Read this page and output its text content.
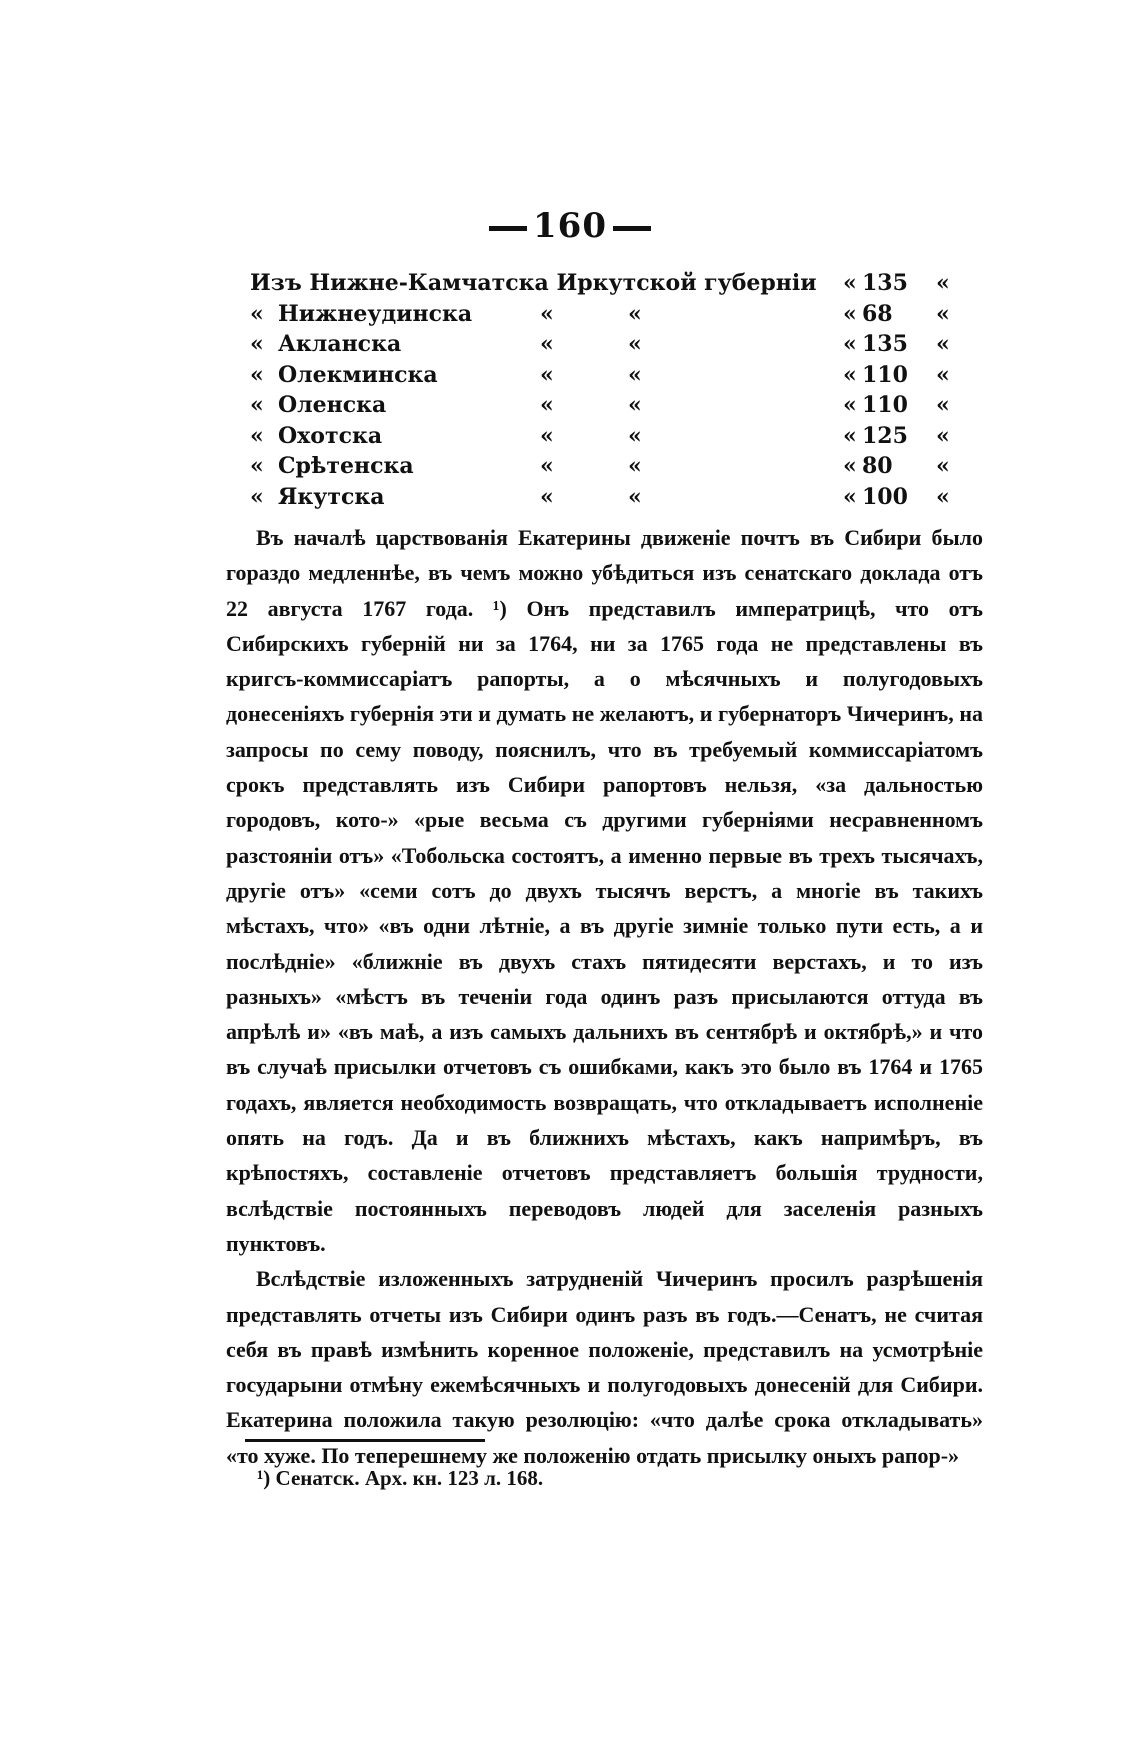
160
Изъ Нижне-Камчатска Иркутской губерніи « 135	«
« Нижнеудинска	«	«	« 68	«
« Акланска	«	«	« 135	«
« Олекминска	«	«	« 110	«
« Оленска	«	«	« 110	«
« Охотска	«	«	« 125	«
« Срѣтенска	«	«	« 80	«
« Якутска	«	«	« 100	«

Въ началѣ царствованія Екатерины движеніе почтъ въ Сибири было гораздо медленнѣе, въ чемъ можно убѣдиться изъ сенатскаго доклада отъ 22 августа 1767 года. ¹) Онъ представилъ императрицѣ, что отъ Сибирскихъ губерній ни за 1764, ни за 1765 года не представлены въ кригсъ-коммиссаріатъ рапорты, а о мѣсячныхъ и полугодовыхъ донесеніяхъ губернія эти и думать не желаютъ, и губернаторъ Чичеринъ, на запросы по сему поводу, пояснилъ, что въ требуемый коммиссаріатомъ срокъ представлять изъ Сибири рапортовъ нельзя, «за дальностью городовъ, кото-» «рые весьма съ другими губерніями несравненномъ разстояніи отъ» «Тобольска состоятъ, а именно первые въ трехъ тысячахъ, другіе отъ» «семи сотъ до двухъ тысячъ верстъ, а многіе въ такихъ мѣстахъ, что» «въ одни лѣтніе, а въ другіе зимніе только пути есть, а и послѣдніе» «ближніе въ двухъ стахъ пятидесяти верстахъ, и то изъ разныхъ» «мѣстъ въ теченіи года одинъ разъ присылаются оттуда въ апрѣлѣ и» «въ маѣ, а изъ самыхъ дальнихъ въ сентябрѣ и октябрѣ,» и что въ случаѣ присылки отчетовъ съ ошибками, какъ это было въ 1764 и 1765 годахъ, является необходимость возвращать, что откладываетъ исполненіе опять на годъ. Да и въ ближнихъ мѣстахъ, какъ напримѣръ, въ крѣпостяхъ, составленіе отчетовъ представляетъ большія трудности, вслѣдствіе постоянныхъ переводовъ людей для заселенія разныхъ пунктовъ.

Вслѣдствіе изложенныхъ затрудненій Чичеринъ просилъ разрѣшенія представлять отчеты изъ Сибири одинъ разъ въ годъ.—Сенатъ, не считая себя въ правѣ измѣнить коренное положеніе, представилъ на усмотрѣніе государыни отмѣну ежемѣсячныхъ и полугодовыхъ донесеній для Сибири. Екатерина положила такую резолюцію: «что далѣе срока откладывать» «то хуже. По теперешнему же положенію отдать присылку оныхъ рапор-»

¹) Сенатск. Арх. кн. 123 л. 168.
